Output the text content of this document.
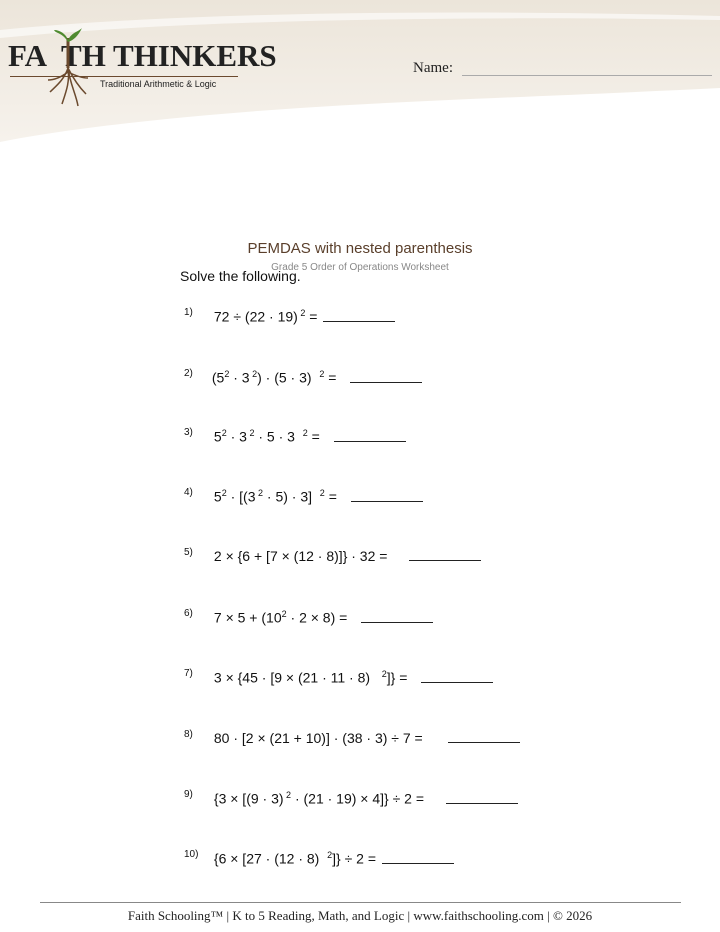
FA TH THINKERS
Traditional Arithmetic & Logic
Name:
PEMDAS with nested parenthesis
Grade 5 Order of Operations Worksheet
Solve the following.
1) 72 ÷ (22 · 19) $^2$ =
2) ($5^2 \cdot 3$ $^2$) · (5 · 3)  $^2$ =
3) $5^2 \cdot 3$ $^2$ · 5 · 3  $^2$ =
4) $5^2 \cdot [(3$ $^2$ · 5) · 3]  $^2$ =
5) 2 × {6 + [7 × (12 · 8)]} · 32 =
6) $7 \times 5 + (10^2 \cdot 2 \times 8)$ =
7) 3 × {45 · [9 × (21 · 11 · 8)   $^2$]} =
8) 80 · [2 × (21 + 10)] · (38 · 3) ÷ 7 =
9) {3 × [(9 · 3) $^2$ · (21 · 19) × 4]} ÷ 2 =
10) {6 × [27 · (12 · 8)  $^2$]} ÷ 2 =
Faith Schooling™ | K to 5 Reading, Math, and Logic | www.faithschooling.com | © 2026
